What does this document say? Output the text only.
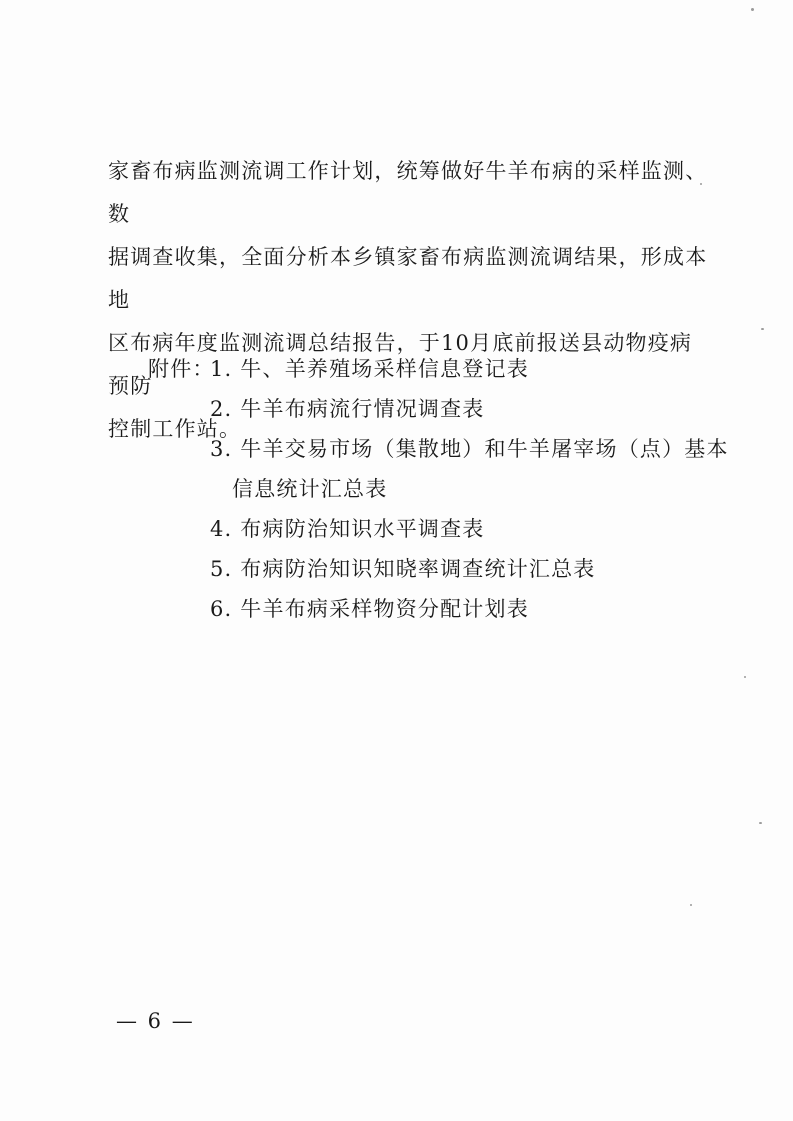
家畜布病监测流调工作计划，统筹做好牛羊布病的采样监测、数

据调查收集，全面分析本乡镇家畜布病监测流调结果，形成本地

区布病年度监测流调总结报告，于10月底前报送县动物疫病预防

控制工作站。

附件：
1. 牛、羊养殖场采样信息登记表
2. 牛羊布病流行情况调查表
3. 牛羊交易市场（集散地）和牛羊屠宰场（点）基本
信息统计汇总表
4. 布病防治知识水平调查表
5. 布病防治知识知晓率调查统计汇总表
6. 牛羊布病采样物资分配计划表
— 6 —
